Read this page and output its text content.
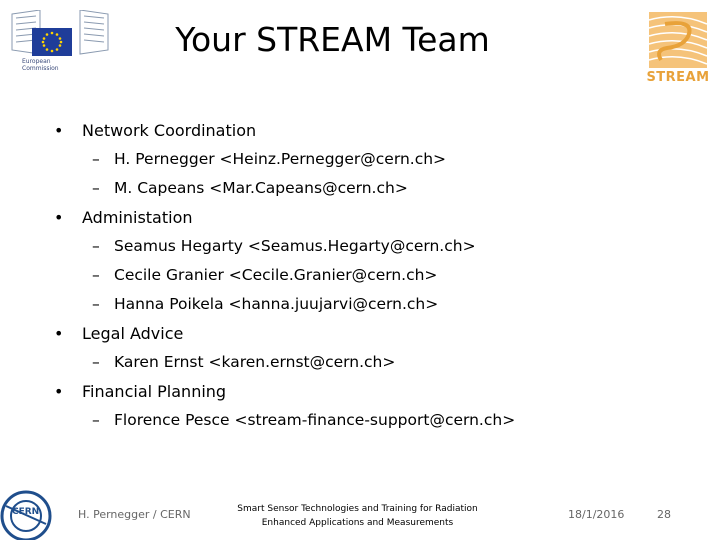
European
Commission
STREAM
Your STREAM Team
• Network Coordination
– H. Pernegger <Heinz.Pernegger@cern.ch>
– M. Capeans <Mar.Capeans@cern.ch>
• Administation
– Seamus Hegarty <Seamus.Hegarty@cern.ch>
– Cecile Granier <Cecile.Granier@cern.ch>
– Hanna Poikela <hanna.juujarvi@cern.ch>
• Legal Advice
– Karen Ernst <karen.ernst@cern.ch>
• Financial Planning
– Florence Pesce <stream-finance-support@cern.ch>
CERN	H. Pernegger / CERN	Smart Sensor Technologies and Training for Radiation
Enhanced Applications and Measurements
18/1/2016	28
